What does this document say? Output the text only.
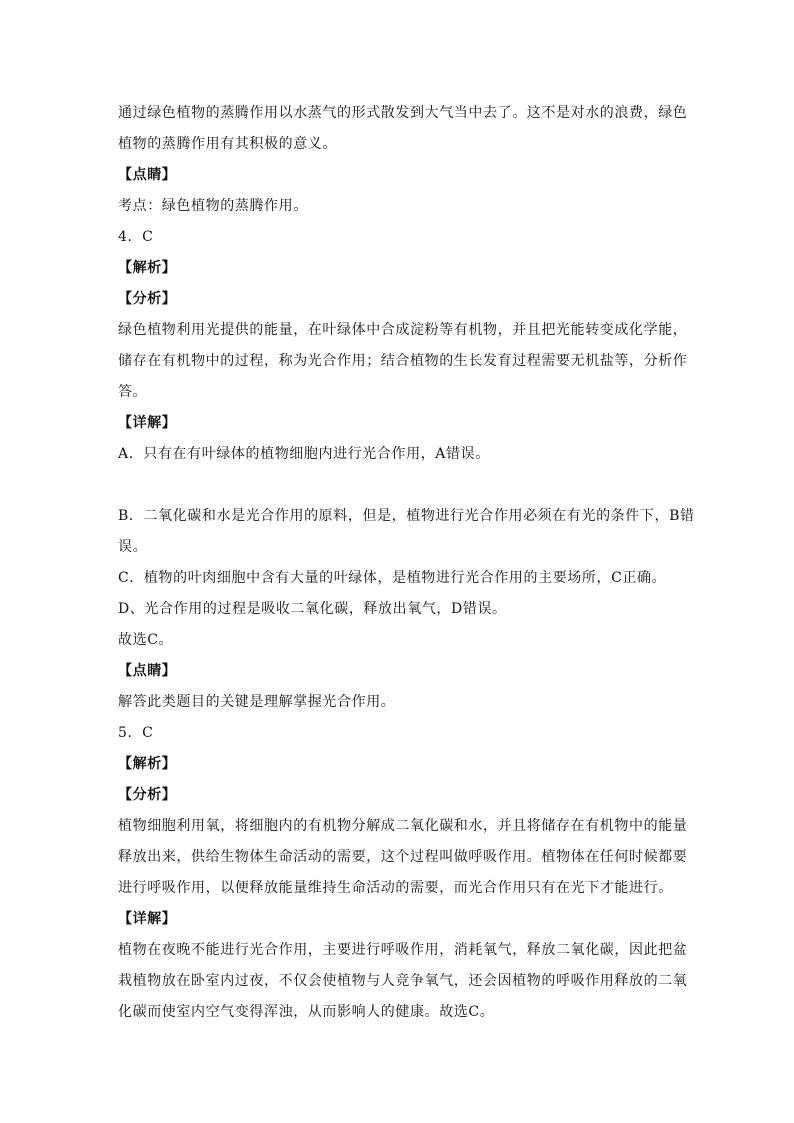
通过绿色植物的蒸腾作用以水蒸气的形式散发到大气当中去了。这不是对水的浪费，绿色
植物的蒸腾作用有其积极的意义。
【点睛】
考点：绿色植物的蒸腾作用。
4．C
【解析】
【分析】
绿色植物利用光提供的能量，在叶绿体中合成淀粉等有机物，并且把光能转变成化学能，
储存在有机物中的过程，称为光合作用；结合植物的生长发育过程需要无机盐等，分析作
答。
【详解】
A．只有在有叶绿体的植物细胞内进行光合作用，A错误。
B．二氧化碳和水是光合作用的原料，但是，植物进行光合作用必须在有光的条件下，B错
误。
C．植物的叶肉细胞中含有大量的叶绿体，是植物进行光合作用的主要场所，C正确。
D、光合作用的过程是吸收二氧化碳，释放出氧气，D错误。
故选C。
【点睛】
解答此类题目的关键是理解掌握光合作用。
5．C
【解析】
【分析】
植物细胞利用氧，将细胞内的有机物分解成二氧化碳和水，并且将储存在有机物中的能量
释放出来，供给生物体生命活动的需要，这个过程叫做呼吸作用。植物体在任何时候都要
进行呼吸作用，以便释放能量维持生命活动的需要，而光合作用只有在光下才能进行。
【详解】
植物在夜晚不能进行光合作用，主要进行呼吸作用，消耗氧气，释放二氧化碳，因此把盆
栽植物放在卧室内过夜，不仅会使植物与人竞争氧气，还会因植物的呼吸作用释放的二氧
化碳而使室内空气变得浑浊，从而影响人的健康。故选C。
